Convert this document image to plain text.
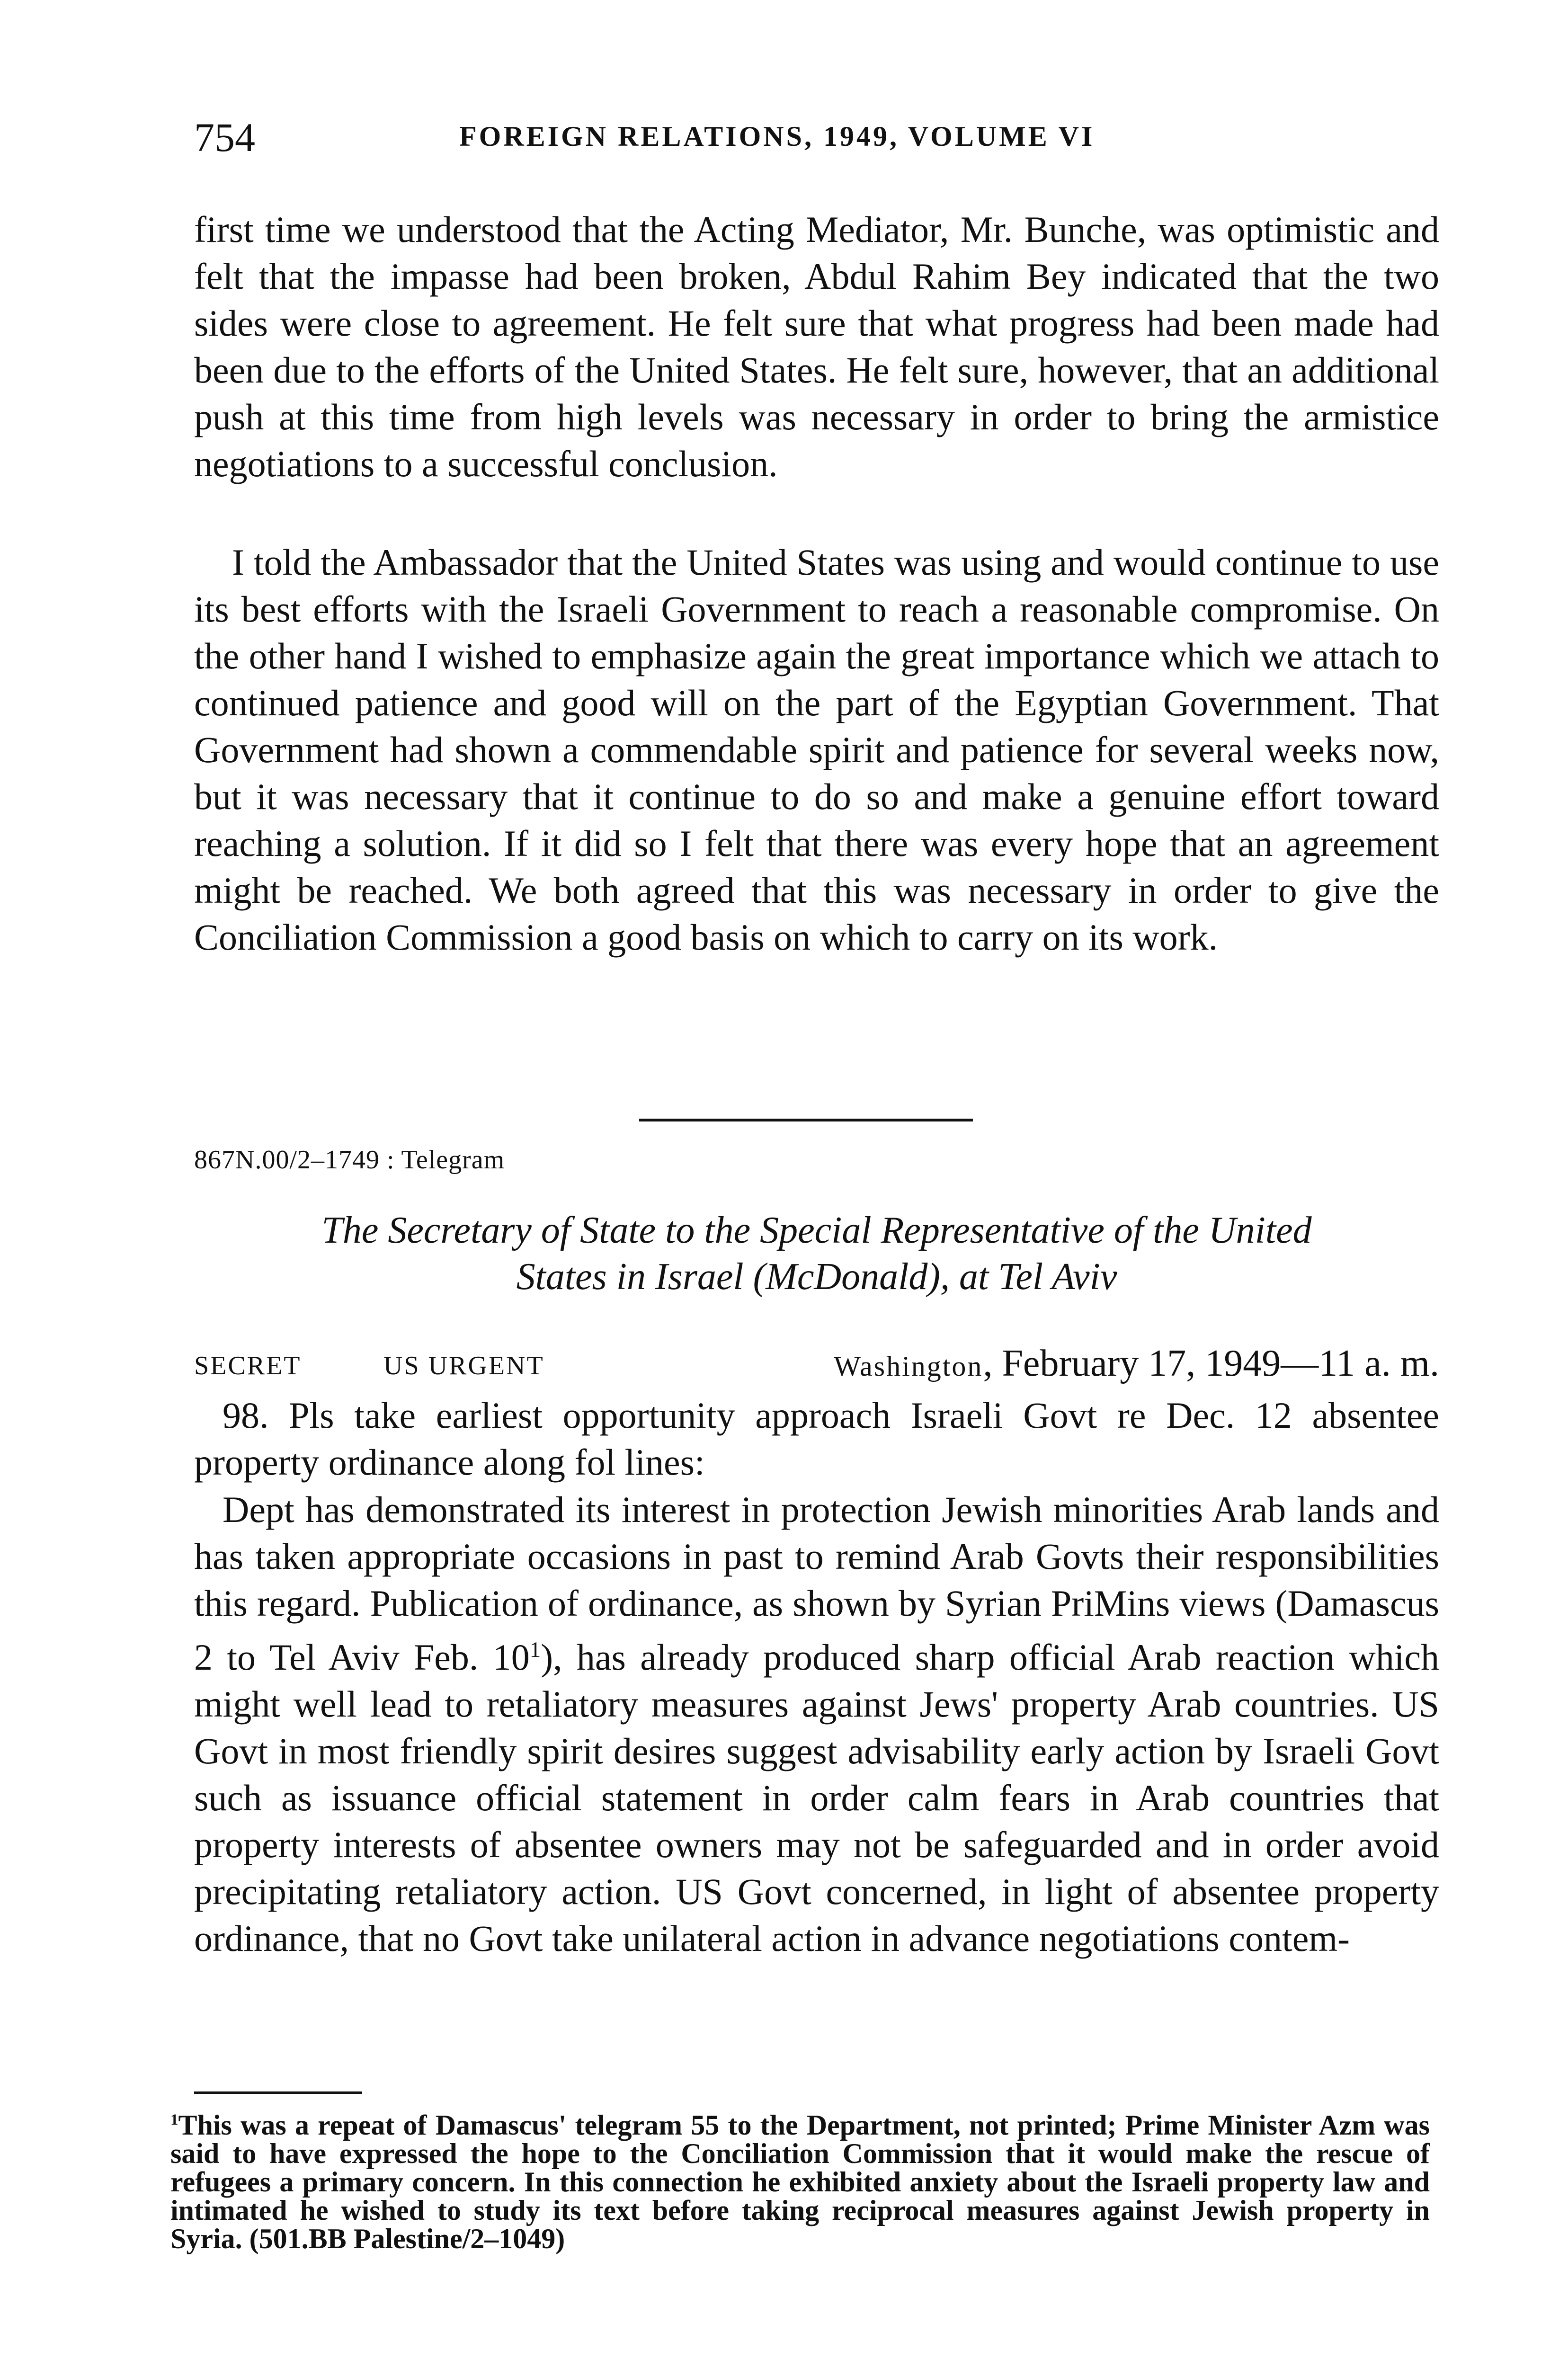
754	FOREIGN RELATIONS, 1949, VOLUME VI

first time we understood that the Acting Mediator, Mr. Bunche, was optimistic and felt that the impasse had been broken, Abdul Rahim Bey indicated that the two sides were close to agreement. He felt sure that what progress had been made had been due to the efforts of the United States. He felt sure, however, that an additional push at this time from high levels was necessary in order to bring the armistice negotiations to a successful conclusion.

I told the Ambassador that the United States was using and would continue to use its best efforts with the Israeli Government to reach a reasonable compromise. On the other hand I wished to emphasize again the great importance which we attach to continued patience and good will on the part of the Egyptian Government. That Government had shown a commendable spirit and patience for several weeks now, but it was necessary that it continue to do so and make a genuine effort toward reaching a solution. If it did so I felt that there was every hope that an agreement might be reached. We both agreed that this was necessary in order to give the Conciliation Commission a good basis on which to carry on its work.

867N.00/2–1749 : Telegram
The Secretary of State to the Special Representative of the United
States in Israel (McDonald), at Tel Aviv
SECRET	US URGENT	Washington, February 17, 1949—11 a. m.

98. Pls take earliest opportunity approach Israeli Govt re Dec. 12 absentee property ordinance along fol lines:

Dept has demonstrated its interest in protection Jewish minorities Arab lands and has taken appropriate occasions in past to remind Arab Govts their responsibilities this regard. Publication of ordinance, as shown by Syrian PriMins views (Damascus 2 to Tel Aviv Feb. $10^1$), has already produced sharp official Arab reaction which might well lead to retaliatory measures against Jews' property Arab countries. US Govt in most friendly spirit desires suggest advisability early action by Israeli Govt such as issuance official statement in order calm fears in Arab countries that property interests of absentee owners may not be safeguarded and in order avoid precipitating retaliatory action. US Govt concerned, in light of absentee property ordinance, that no Govt take unilateral action in advance negotiations contem-

$^1$This was a repeat of Damascus' telegram 55 to the Department, not printed; Prime Minister Azm was said to have expressed the hope to the Conciliation Commission that it would make the rescue of refugees a primary concern. In this connection he exhibited anxiety about the Israeli property law and intimated he wished to study its text before taking reciprocal measures against Jewish property in Syria. (501.BB Palestine/2–1049)
